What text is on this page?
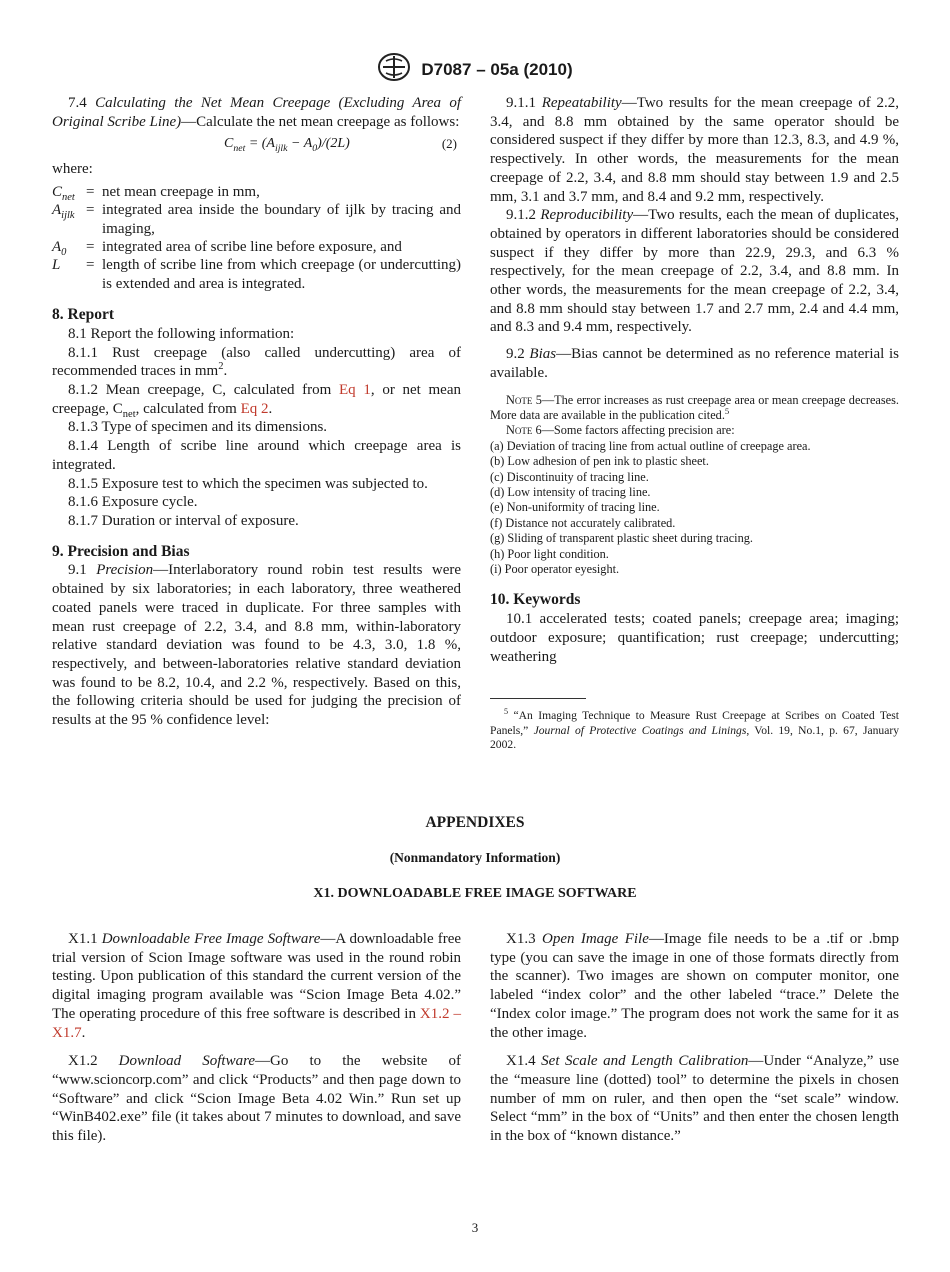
D7087 – 05a (2010)

7.4 Calculating the Net Mean Creepage (Excluding Area of Original Scribe Line)—Calculate the net mean creepage as follows:

$C_{net} = (A_{ijlk} - A_0)/(2L)$	(2)

where:

$C_{net}$ = net mean creepage in mm,
$A_{ijlk}$ = integrated area inside the boundary of ijlk by tracing and imaging,
$A_0$	= integrated area of scribe line before exposure, and
L	= length of scribe line from which creepage (or undercutting) is extended and area is integrated.

8. Report

8.1 Report the following information:

8.1.1 Rust creepage (also called undercutting) area of recommended traces in $mm^2$.

8.1.2 Mean creepage, C, calculated from Eq 1, or net mean creepage, $C_{net}$, calculated from Eq 2.

8.1.3 Type of specimen and its dimensions.

8.1.4 Length of scribe line around which creepage area is integrated.

8.1.5 Exposure test to which the specimen was subjected to.

8.1.6 Exposure cycle.

8.1.7 Duration or interval of exposure.

9. Precision and Bias

9.1 Precision—Interlaboratory round robin test results were obtained by six laboratories; in each laboratory, three weathered coated panels were traced in duplicate. For three samples with mean rust creepage of 2.2, 3.4, and 8.8 mm, within-laboratory relative standard deviation was found to be 4.3, 3.0, 1.8 %, respectively, and between-laboratories relative standard deviation was found to be 8.2, 10.4, and 2.2 %, respectively. Based on this, the following criteria should be used for judging the precision of results at the 95 % confidence level:

9.1.1 Repeatability—Two results for the mean creepage of 2.2, 3.4, and 8.8 mm obtained by the same operator should be considered suspect if they differ by more than 12.3, 8.3, and 4.9 %, respectively. In other words, the measurements for the mean creepage of 2.2, 3.4, and 8.8 mm should stay between 1.9 and 2.5 mm, 3.1 and 3.7 mm, and 8.4 and 9.2 mm, respectively.

9.1.2 Reproducibility—Two results, each the mean of duplicates, obtained by operators in different laboratories should be considered suspect if they differ by more than 22.9, 29.3, and 6.3 % respectively, for the mean creepage of 2.2, 3.4, and 8.8 mm. In other words, the measurements for the mean creepage of 2.2, 3.4, and 8.8 mm should stay between 1.7 and 2.7 mm, 2.4 and 4.4 mm, and 8.3 and 9.4 mm, respectively.

9.2 Bias—Bias cannot be determined as no reference material is available.

Note 5—The error increases as rust creepage area or mean creepage decreases. More data are available in the publication cited.$^5$
Note 6—Some factors affecting precision are:
(a) Deviation of tracing line from actual outline of creepage area.
(b) Low adhesion of pen ink to plastic sheet.
(c) Discontinuity of tracing line.
(d) Low intensity of tracing line.
(e) Non-uniformity of tracing line.
(f) Distance not accurately calibrated.
(g) Sliding of transparent plastic sheet during tracing.
(h) Poor light condition.
(i) Poor operator eyesight.

10. Keywords

10.1 accelerated tests; coated panels; creepage area; imaging; outdoor exposure; quantification; rust creepage; undercutting; weathering

$^5$ “An Imaging Technique to Measure Rust Creepage at Scribes on Coated Test Panels,” Journal of Protective Coatings and Linings, Vol. 19, No.1, p. 67, January 2002.
APPENDIXES
(Nonmandatory Information)
X1. DOWNLOADABLE FREE IMAGE SOFTWARE

X1.1 Downloadable Free Image Software—A downloadable free trial version of Scion Image software was used in the round robin testing. Upon publication of this standard the current version of the digital imaging program available was “Scion Image Beta 4.02.” The operating procedure of this free software is described in X1.2 – X1.7.

X1.2 Download Software—Go to the website of “www.scioncorp.com” and click “Products” and then page down to “Software” and click “Scion Image Beta 4.02 Win.” Run set up “WinB402.exe” file (it takes about 7 minutes to download, and save this file).

X1.3 Open Image File—Image file needs to be a .tif or .bmp type (you can save the image in one of those formats directly from the scanner). Two images are shown on computer monitor, one labeled “index color” and the other labeled “trace.” Delete the “Index color image.” The program does not work the same for it as the other image.

X1.4 Set Scale and Length Calibration—Under “Analyze,” use the “measure line (dotted) tool” to determine the pixels in chosen number of mm on ruler, and then open the “set scale” window. Select “mm” in the box of “Units” and then enter the chosen length in the box of “known distance.”

3
